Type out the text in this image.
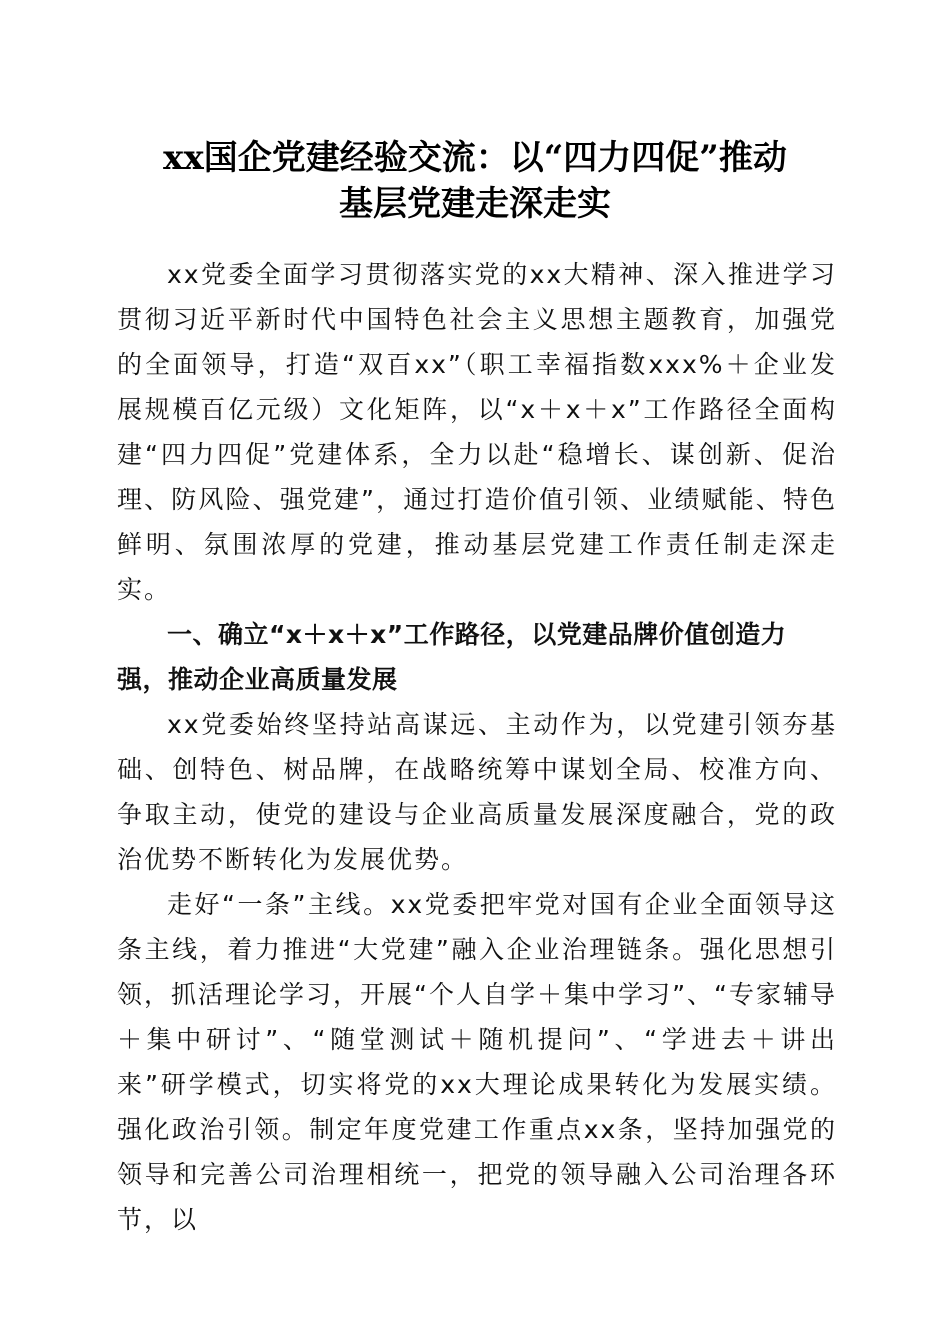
xx国企党建经验交流：以“四力四促”推动
基层党建走深走实

xx党委全面学习贯彻落实党的xx大精神、深入推进学习贯彻习近平新时代中国特色社会主义思想主题教育，加强党的全面领导，打造“双百xx”（职工幸福指数xxx%＋企业发展规模百亿元级）文化矩阵，以“x＋x＋x”工作路径全面构建“四力四促”党建体系，全力以赴“稳增长、谋创新、促治理、防风险、强党建”，通过打造价值引领、业绩赋能、特色鲜明、氛围浓厚的党建，推动基层党建工作责任制走深走实。

一、确立“x＋x＋x”工作路径，以党建品牌价值创造力强，推动企业高质量发展

xx党委始终坚持站高谋远、主动作为，以党建引领夯基础、创特色、树品牌，在战略统筹中谋划全局、校准方向、争取主动，使党的建设与企业高质量发展深度融合，党的政治优势不断转化为发展优势。

走好“一条”主线。xx党委把牢党对国有企业全面领导这条主线，着力推进“大党建”融入企业治理链条。强化思想引领，抓活理论学习，开展“个人自学＋集中学习”、“专家辅导＋集中研讨”、“随堂测试＋随机提问”、“学进去＋讲出来”研学模式，切实将党的xx大理论成果转化为发展实绩。强化政治引领。制定年度党建工作重点xx条，坚持加强党的领导和完善公司治理相统一，把党的领导融入公司治理各环节，以
